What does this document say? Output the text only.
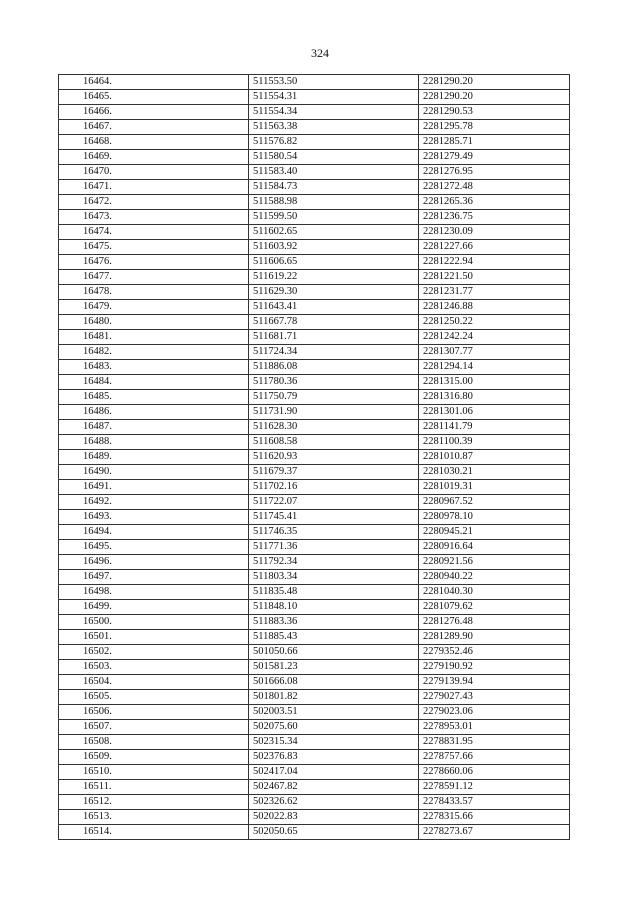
324
16464.	511553.50	2281290.20
16465.	511554.31	2281290.20
16466.	511554.34	2281290.53
16467.	511563.38	2281295.78
16468.	511576.82	2281285.71
16469.	511580.54	2281279.49
16470.	511583.40	2281276.95
16471.	511584.73	2281272.48
16472.	511588.98	2281265.36
16473.	511599.50	2281236.75
16474.	511602.65	2281230.09
16475.	511603.92	2281227.66
16476.	511606.65	2281222.94
16477.	511619.22	2281221.50
16478.	511629.30	2281231.77
16479.	511643.41	2281246.88
16480.	511667.78	2281250.22
16481.	511681.71	2281242.24
16482.	511724.34	2281307.77
16483.	511886.08	2281294.14
16484.	511780.36	2281315.00
16485.	511750.79	2281316.80
16486.	511731.90	2281301.06
16487.	511628.30	2281141.79
16488.	511608.58	2281100.39
16489.	511620.93	2281010.87
16490.	511679.37	2281030.21
16491.	511702.16	2281019.31
16492.	511722.07	2280967.52
16493.	511745.41	2280978.10
16494.	511746.35	2280945.21
16495.	511771.36	2280916.64
16496.	511792.34	2280921.56
16497.	511803.34	2280940.22
16498.	511835.48	2281040.30
16499.	511848.10	2281079.62
16500.	511883.36	2281276.48
16501.	511885.43	2281289.90
16502.	501050.66	2279352.46
16503.	501581.23	2279190.92
16504.	501666.08	2279139.94
16505.	501801.82	2279027.43
16506.	502003.51	2279023.06
16507.	502075.60	2278953.01
16508.	502315.34	2278831.95
16509.	502376.83	2278757.66
16510.	502417.04	2278660.06
16511.	502467.82	2278591.12
16512.	502326.62	2278433.57
16513.	502022.83	2278315.66
16514.	502050.65	2278273.67
